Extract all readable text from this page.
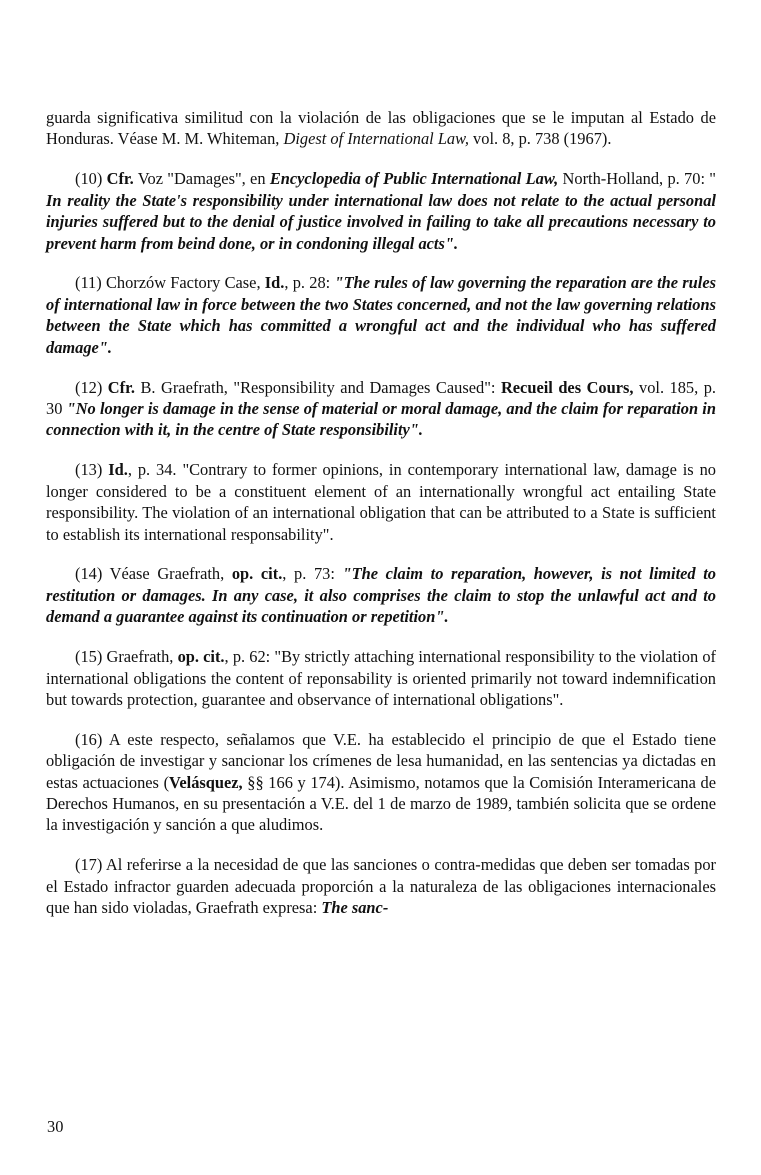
guarda significativa similitud con la violación de las obligaciones que se le imputan al Estado de Honduras. Véase M. M. Whiteman, Digest of International Law, vol. 8, p. 738 (1967).

(10) Cfr. Voz "Damages", en Encyclopedia of Public International Law, North-Holland, p. 70: " In reality the State's responsibility under international law does not relate to the actual personal injuries suffered but to the denial of justice involved in failing to take all precautions necessary to prevent harm from beind done, or in condoning illegal acts".

(11) Chorzów Factory Case, Id., p. 28: "The rules of law governing the reparation are the rules of international law in force between the two States concerned, and not the law governing relations between the State which has committed a wrongful act and the individual who has suffered damage".

(12) Cfr. B. Graefrath, "Responsibility and Damages Caused": Recueil des Cours, vol. 185, p. 30 "No longer is damage in the sense of material or moral damage, and the claim for reparation in connection with it, in the centre of State responsibility".

(13) Id., p. 34. "Contrary to former opinions, in contemporary international law, damage is no longer considered to be a constituent element of an internationally wrongful act entailing State responsibility. The violation of an international obligation that can be attributed to a State is sufficient to establish its international responsability".

(14) Véase Graefrath, op. cit., p. 73: "The claim to reparation, however, is not limited to restitution or damages. In any case, it also comprises the claim to stop the unlawful act and to demand a guarantee against its continuation or repetition".

(15) Graefrath, op. cit., p. 62: "By strictly attaching international responsibility to the violation of international obligations the content of reponsability is oriented primarily not toward indemnification but towards protection, guarantee and observance of international obligations".

(16) A este respecto, señalamos que V.E. ha establecido el principio de que el Estado tiene obligación de investigar y sancionar los crímenes de lesa humanidad, en las sentencias ya dictadas en estas actuaciones (Velásquez, §§ 166 y 174). Asimismo, notamos que la Comisión Interamericana de Derechos Humanos, en su presentación a V.E. del 1 de marzo de 1989, también solicita que se ordene la investigación y sanción a que aludimos.

(17) Al referirse a la necesidad de que las sanciones o contra-medidas que deben ser tomadas por el Estado infractor guarden adecuada proporción a la naturaleza de las obligaciones internacionales que han sido violadas, Graefrath expresa: The sanc-

30
